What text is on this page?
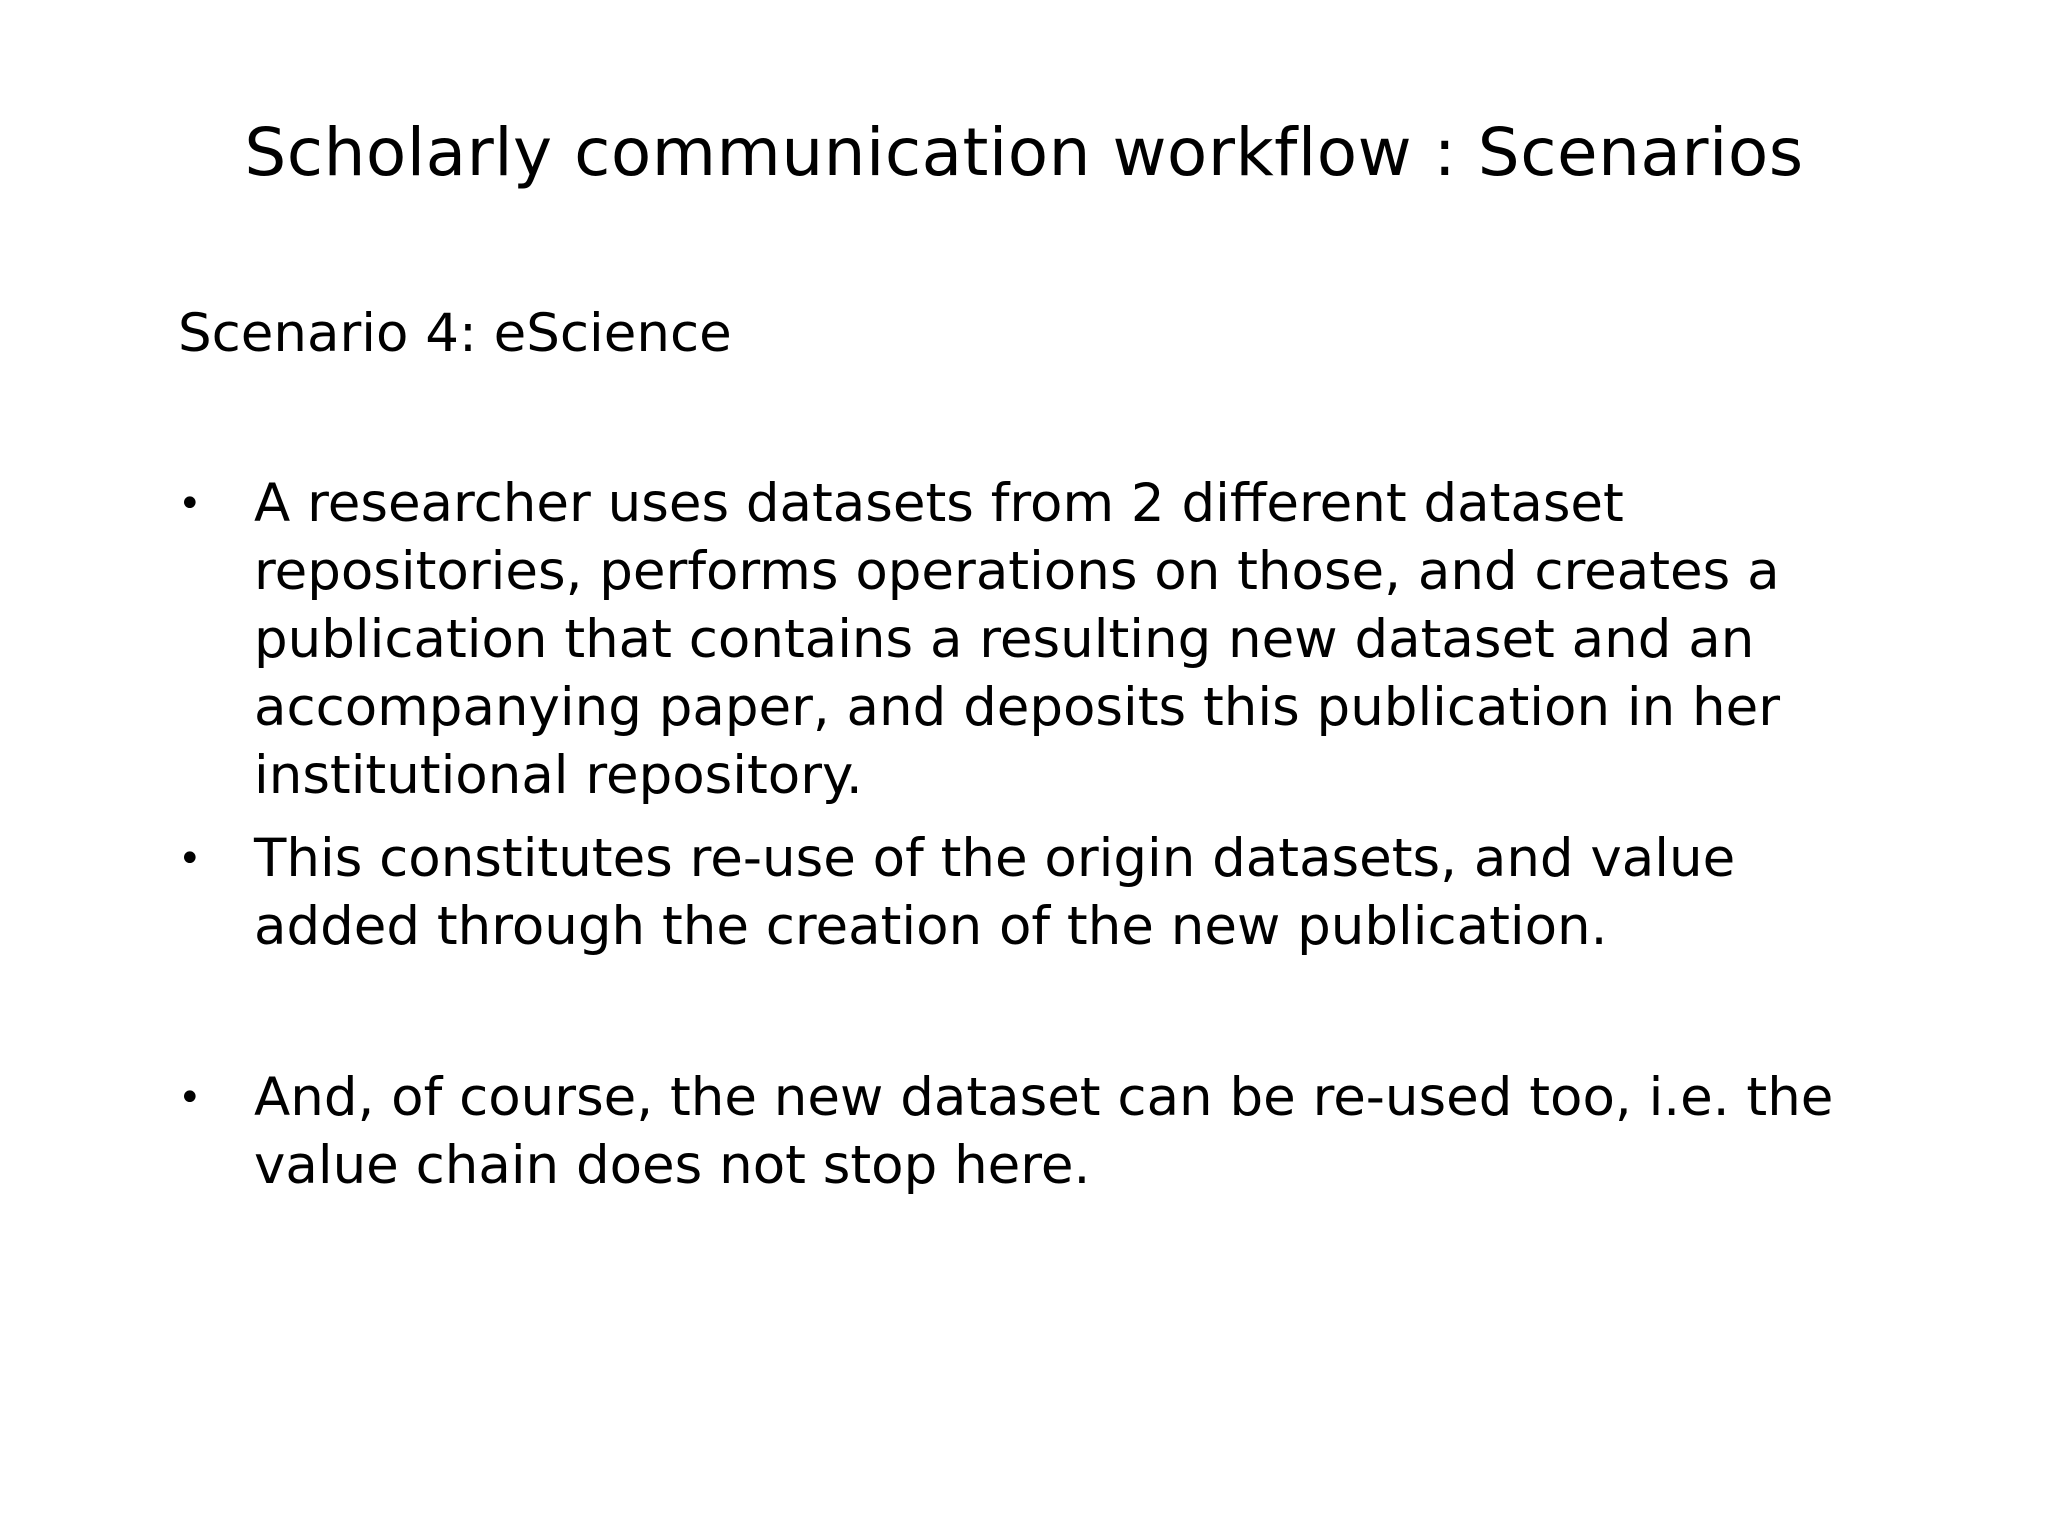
Scholarly communication workflow : Scenarios
Scenario 4: eScience
• A researcher uses datasets from 2 different dataset repositories, performs operations on those, and creates a publication that contains a resulting new dataset and an accompanying paper, and deposits this publication in her institutional repository.
• This constitutes re-use of the origin datasets, and value added through the creation of the new publication.
• And, of course, the new dataset can be re-used too, i.e. the value chain does not stop here.
